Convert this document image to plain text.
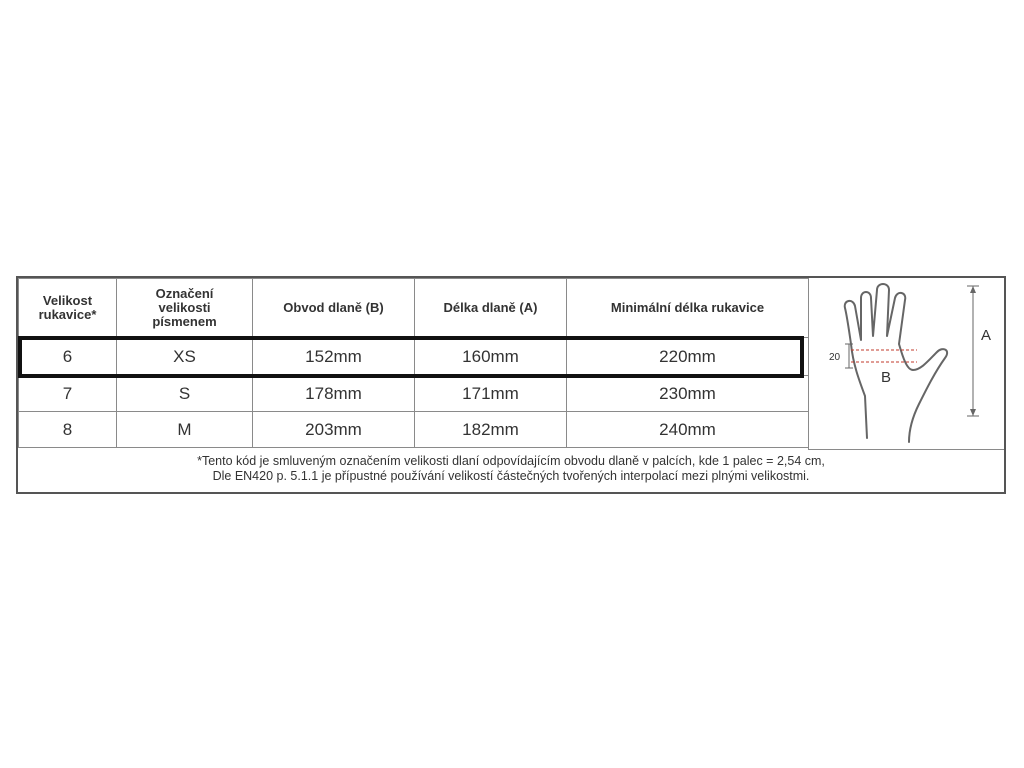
Velikost
rukavice*	Označení
velikosti
písmenem	Obvod dlaně (B)	Délka dlaně (A)	Minimální délka rukavice

6	XS	152mm	160mm	220mm
7	S	178mm	171mm	230mm
8	M	203mm	182mm	240mm
A
B
20
*Tento kód je smluveným označením velikosti dlaní odpovídajícím obvodu dlaně v palcích, kde 1 palec = 2,54 cm,
Dle EN420 p. 5.1.1 je přípustné používání velikostí částečných tvořených interpolací mezi plnými velikostmi.
